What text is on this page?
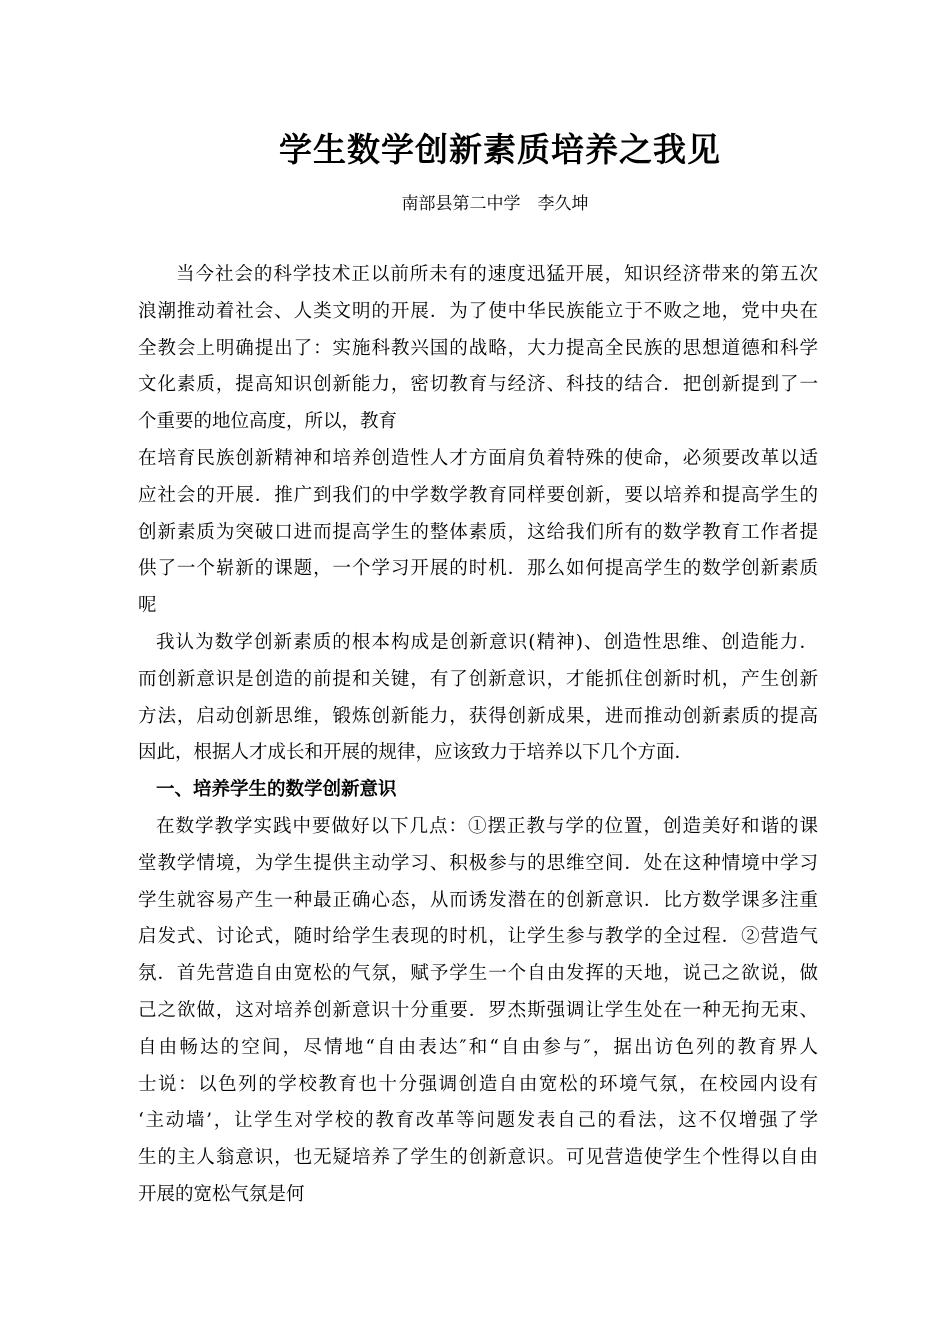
学生数学创新素质培养之我见
南部县第二中学　李久坤
当今社会的科学技术正以前所未有的速度迅猛开展，知识经济带来的第五次
浪潮推动着社会、人类文明的开展．为了使中华民族能立于不败之地，党中央在
全教会上明确提出了：实施科教兴国的战略，大力提高全民族的思想道德和科学
文化素质，提高知识创新能力，密切教育与经济、科技的结合．把创新提到了一
个重要的地位高度，所以，教育
在培育民族创新精神和培养创造性人才方面肩负着特殊的使命，必须要改革以适
应社会的开展．推广到我们的中学数学教育同样要创新，要以培养和提高学生的
创新素质为突破口进而提高学生的整体素质，这给我们所有的数学教育工作者提
供了一个崭新的课题，一个学习开展的时机．那么如何提高学生的数学创新素质
呢
我认为数学创新素质的根本构成是创新意识(精神)、创造性思维、创造能力．
而创新意识是创造的前提和关键，有了创新意识，才能抓住创新时机，产生创新
方法，启动创新思维，锻炼创新能力，获得创新成果，进而推动创新素质的提高
因此，根据人才成长和开展的规律，应该致力于培养以下几个方面．
一、培养学生的数学创新意识
在数学教学实践中要做好以下几点：①摆正教与学的位置，创造美好和谐的课
堂教学情境，为学生提供主动学习、积极参与的思维空间．处在这种情境中学习
学生就容易产生一种最正确心态，从而诱发潜在的创新意识．比方数学课多注重
启发式、讨论式，随时给学生表现的时机，让学生参与教学的全过程．②营造气
氛．首先营造自由宽松的气氛，赋予学生一个自由发挥的天地，说己之欲说，做
己之欲做，这对培养创新意识十分重要．罗杰斯强调让学生处在一种无拘无束、
自由畅达的空间，尽情地“自由表达″和“自由参与″，据出访色列的教育界人
士说：以色列的学校教育也十分强调创造自由宽松的环境气氛，在校园内设有
‘主动墙’，让学生对学校的教育改革等问题发表自己的看法，这不仅增强了学
生的主人翁意识，也无疑培养了学生的创新意识。可见营造使学生个性得以自由
开展的宽松气氛是何
